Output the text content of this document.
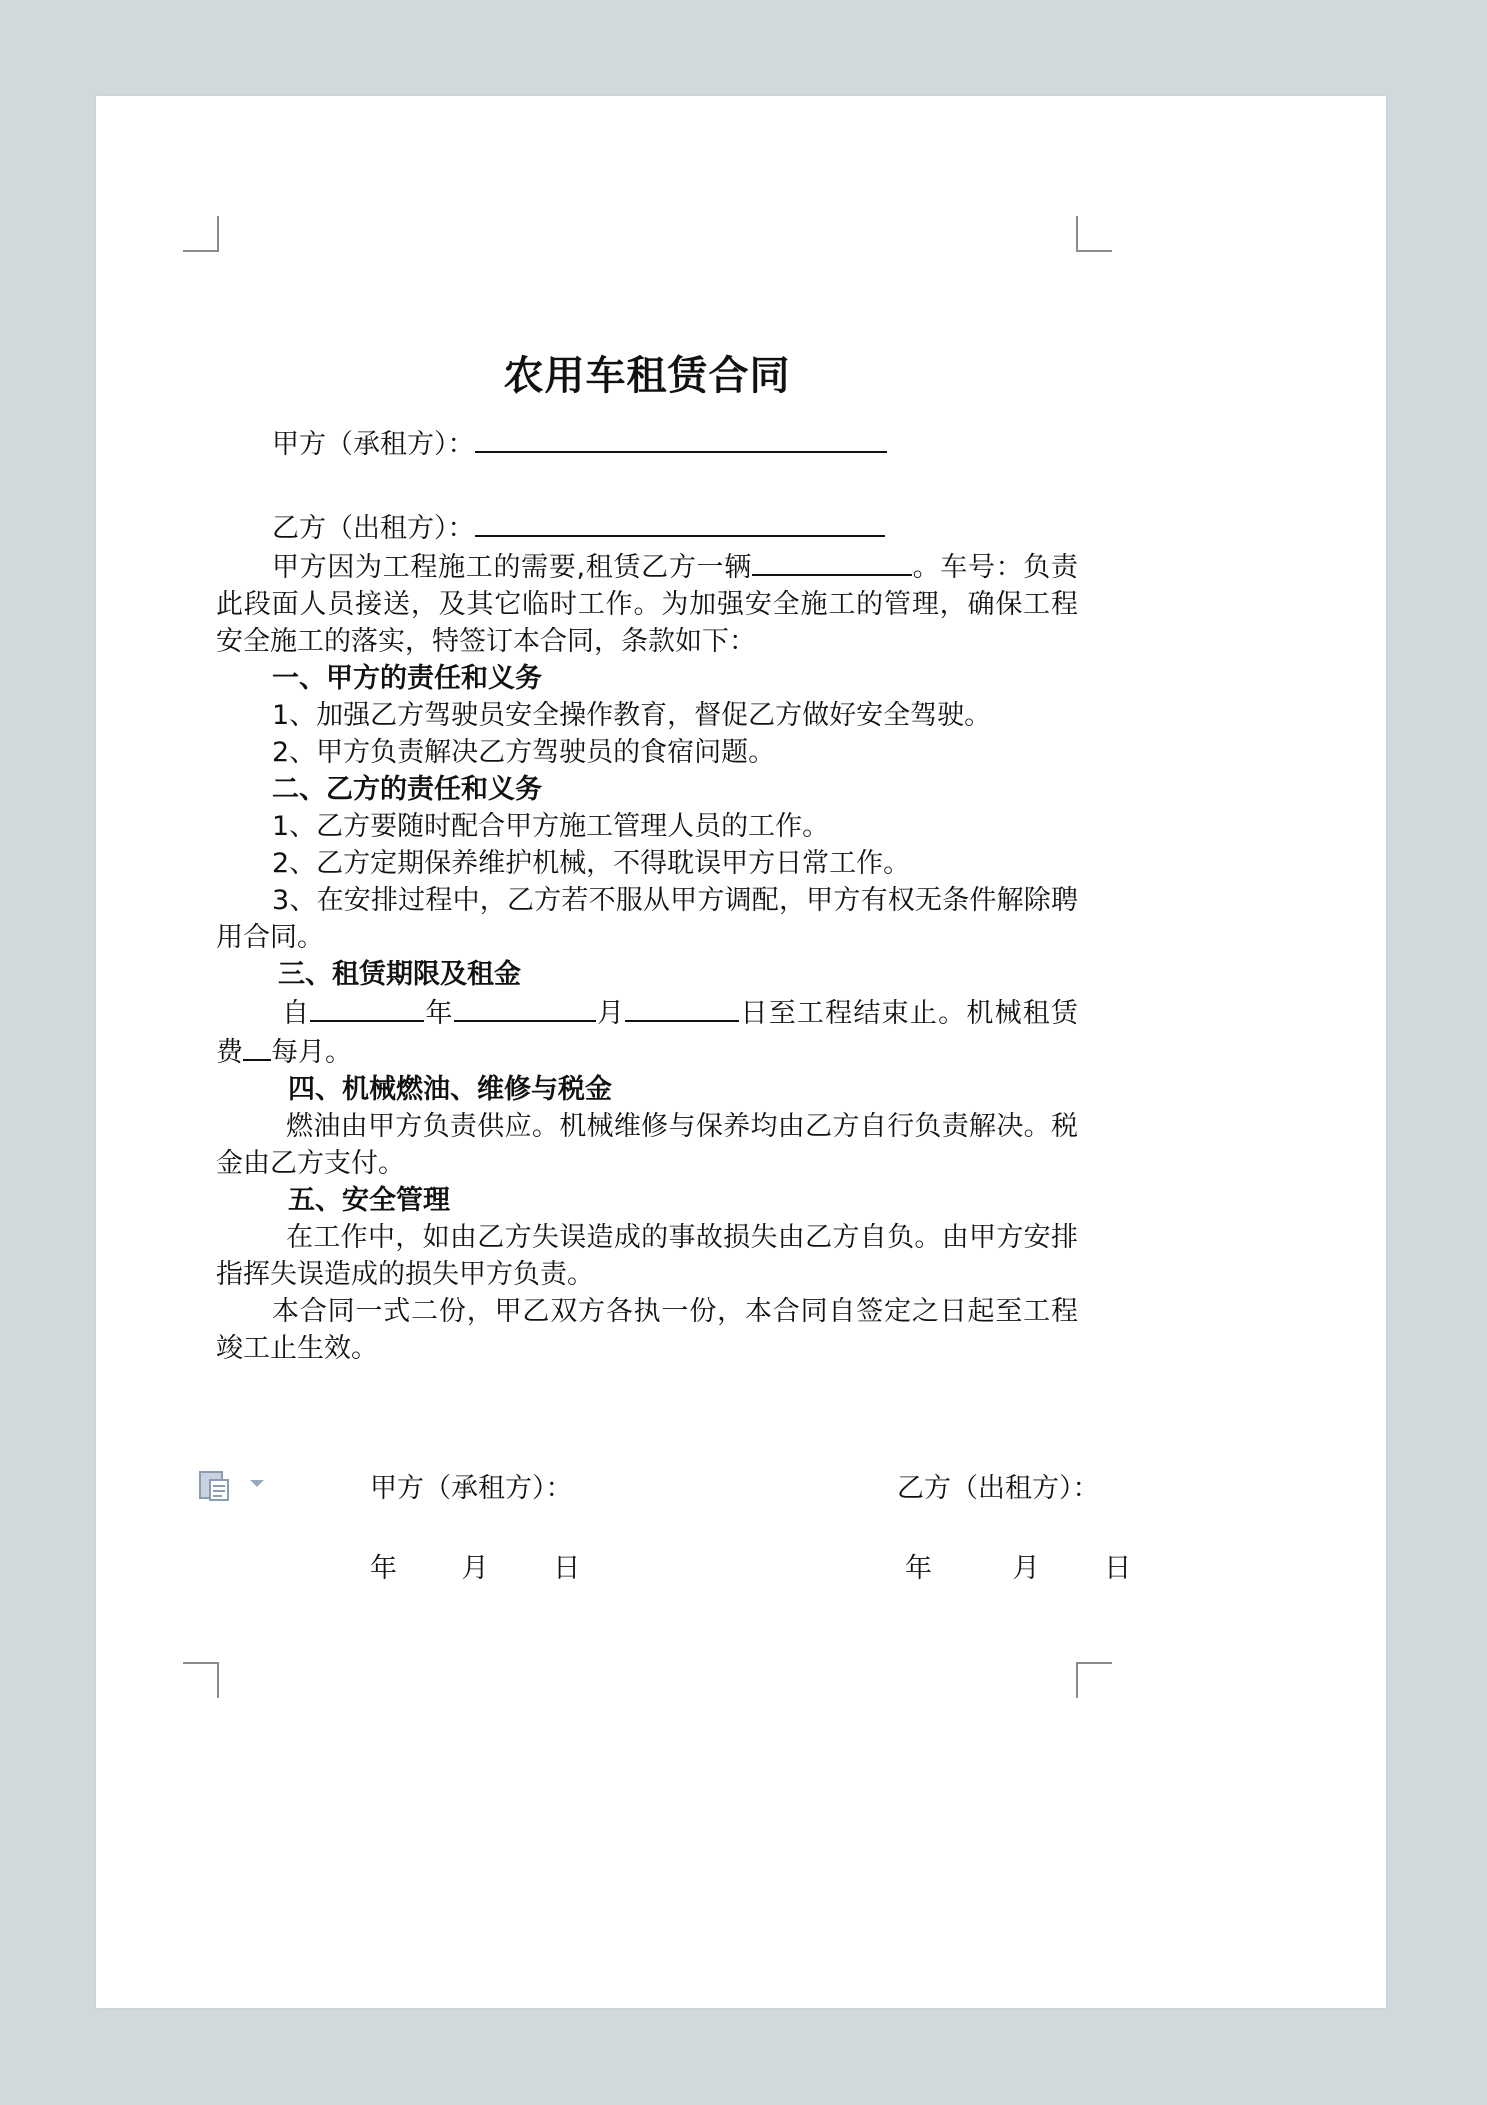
农用车租赁合同

甲方（承租方）：

乙方（出租方）：

甲方因为工程施工的需要,租赁乙方一辆	。车号：负责此段面人员接送，及其它临时工作。为加强安全施工的管理，确保工程安全施工的落实，特签订本合同，条款如下：

一、甲方的责任和义务

1、加强乙方驾驶员安全操作教育，督促乙方做好安全驾驶。

2、甲方负责解决乙方驾驶员的食宿问题。

二、乙方的责任和义务

1、乙方要随时配合甲方施工管理人员的工作。

2、乙方定期保养维护机械，不得耽误甲方日常工作。

3、在安排过程中，乙方若不服从甲方调配，甲方有权无条件解除聘用合同。

三、租赁期限及租金

自	年	月	日至工程结束止。机械租赁费 每月。

四、机械燃油、维修与税金

燃油由甲方负责供应。机械维修与保养均由乙方自行负责解决。税金由乙方支付。

五、安全管理

在工作中，如由乙方失误造成的事故损失由乙方自负。由甲方安排指挥失误造成的损失甲方负责。

本合同一式二份，甲乙双方各执一份，本合同自签定之日起至工程竣工止生效。

甲方（承租方）：	乙方（出租方）：
年 月 日	年	月 日
